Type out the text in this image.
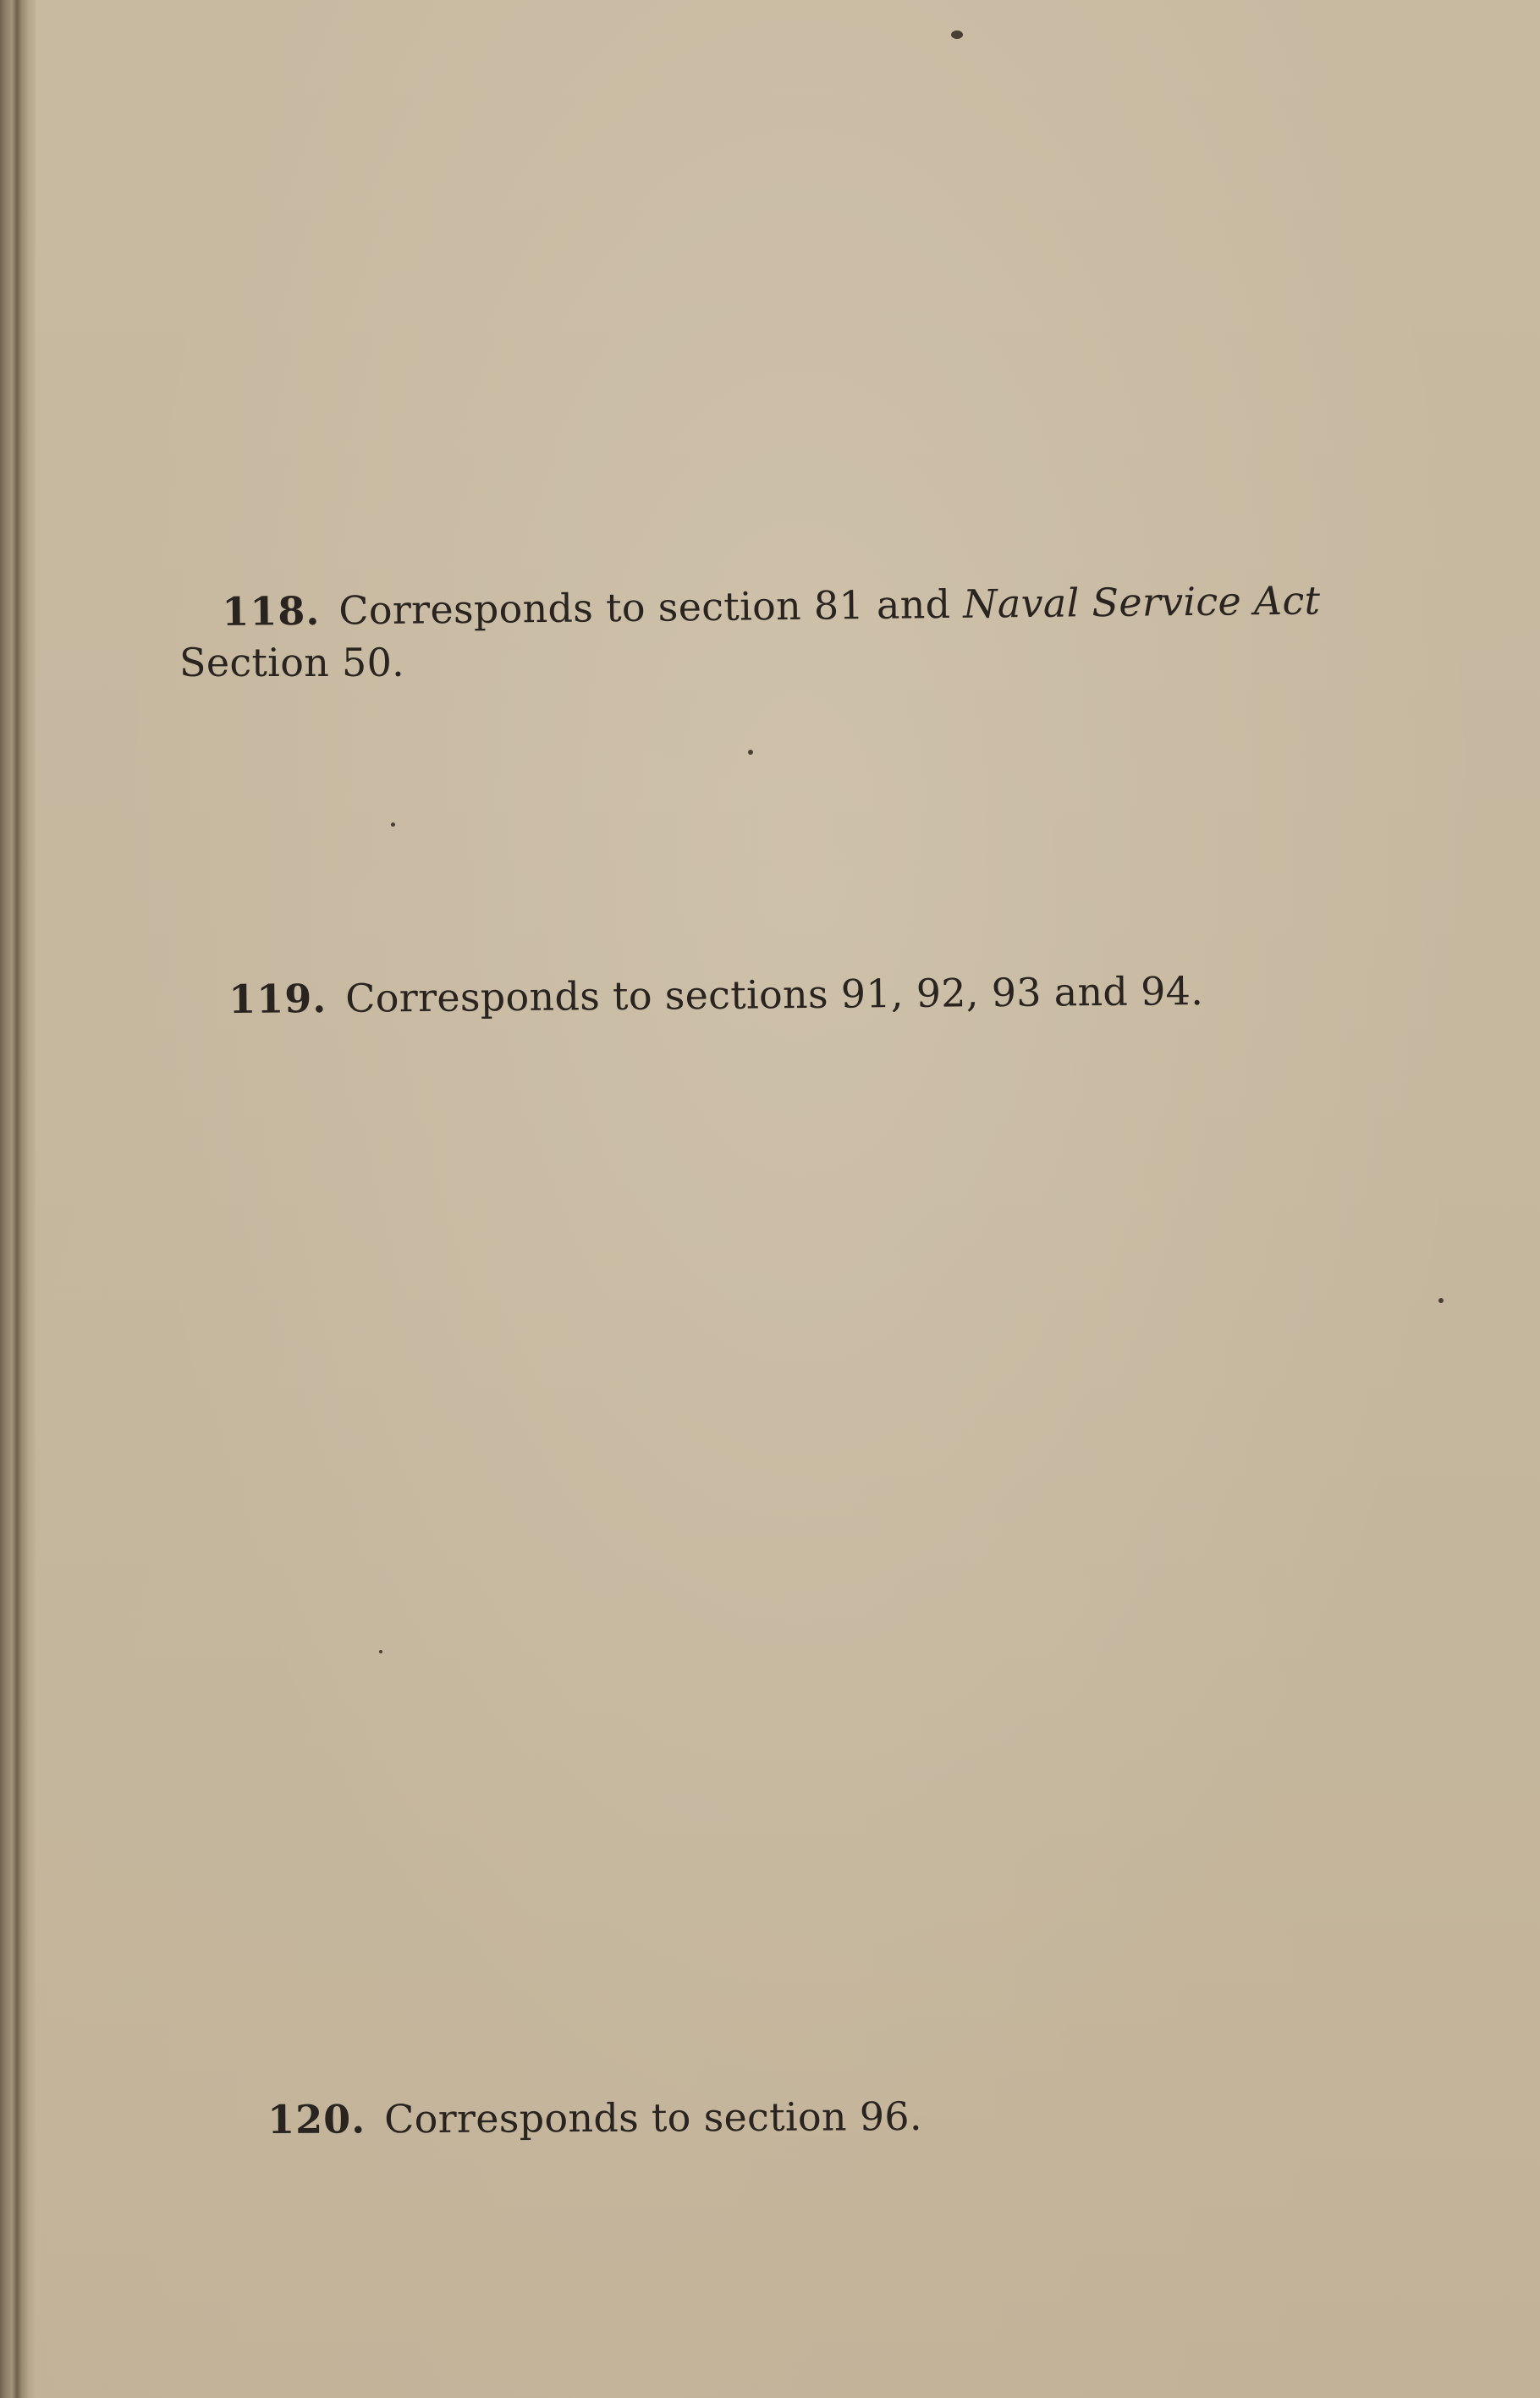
118. Corresponds to section 81 and Naval Service Act
Section 50.
119. Corresponds to sections 91, 92, 93 and 94.
120. Corresponds to section 96.
